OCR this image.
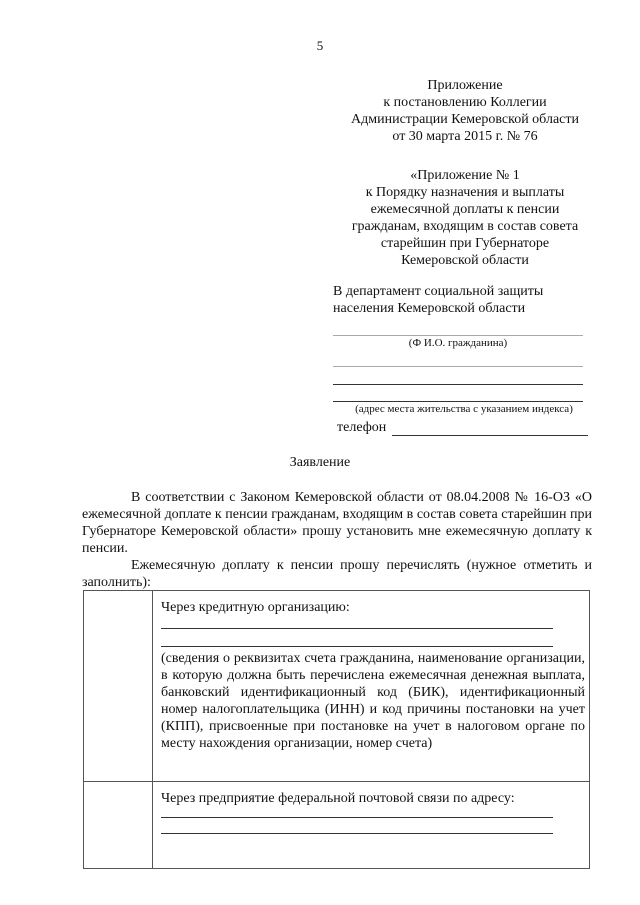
5
Приложение
к постановлению Коллегии
Администрации Кемеровской области
от 30 марта 2015 г. № 76
«Приложение № 1
к Порядку назначения и выплаты
ежемесячной доплаты к пенсии
гражданам, входящим в состав совета
старейшин при Губернаторе
Кемеровской области
В департамент социальной защиты
населения Кемеровской области
(Ф И.О. гражданина)
(адрес места жительства с указанием индекса)
телефон
Заявление
В соответствии с Законом Кемеровской области от 08.04.2008 № 16-ОЗ «О ежемесячной доплате к пенсии гражданам, входящим в состав совета старейшин при Губернаторе Кемеровской области» прошу установить мне ежемесячную доплату к пенсии.
Ежемесячную доплату к пенсии прошу перечислять (нужное отметить и заполнить):

	Через кредитную организацию:
(сведения о реквизитах счета гражданина, наименование организации, в которую должна быть перечислена ежемесячная денежная выплата, банковский идентификационный код (БИК), идентификационный номер налогоплательщика (ИНН) и код причины постановки на учет (КПП), присвоенные при постановке на учет в налоговом органе по месту нахождения организации, номер счета)

	Через предприятие федеральной почтовой связи по адресу:
